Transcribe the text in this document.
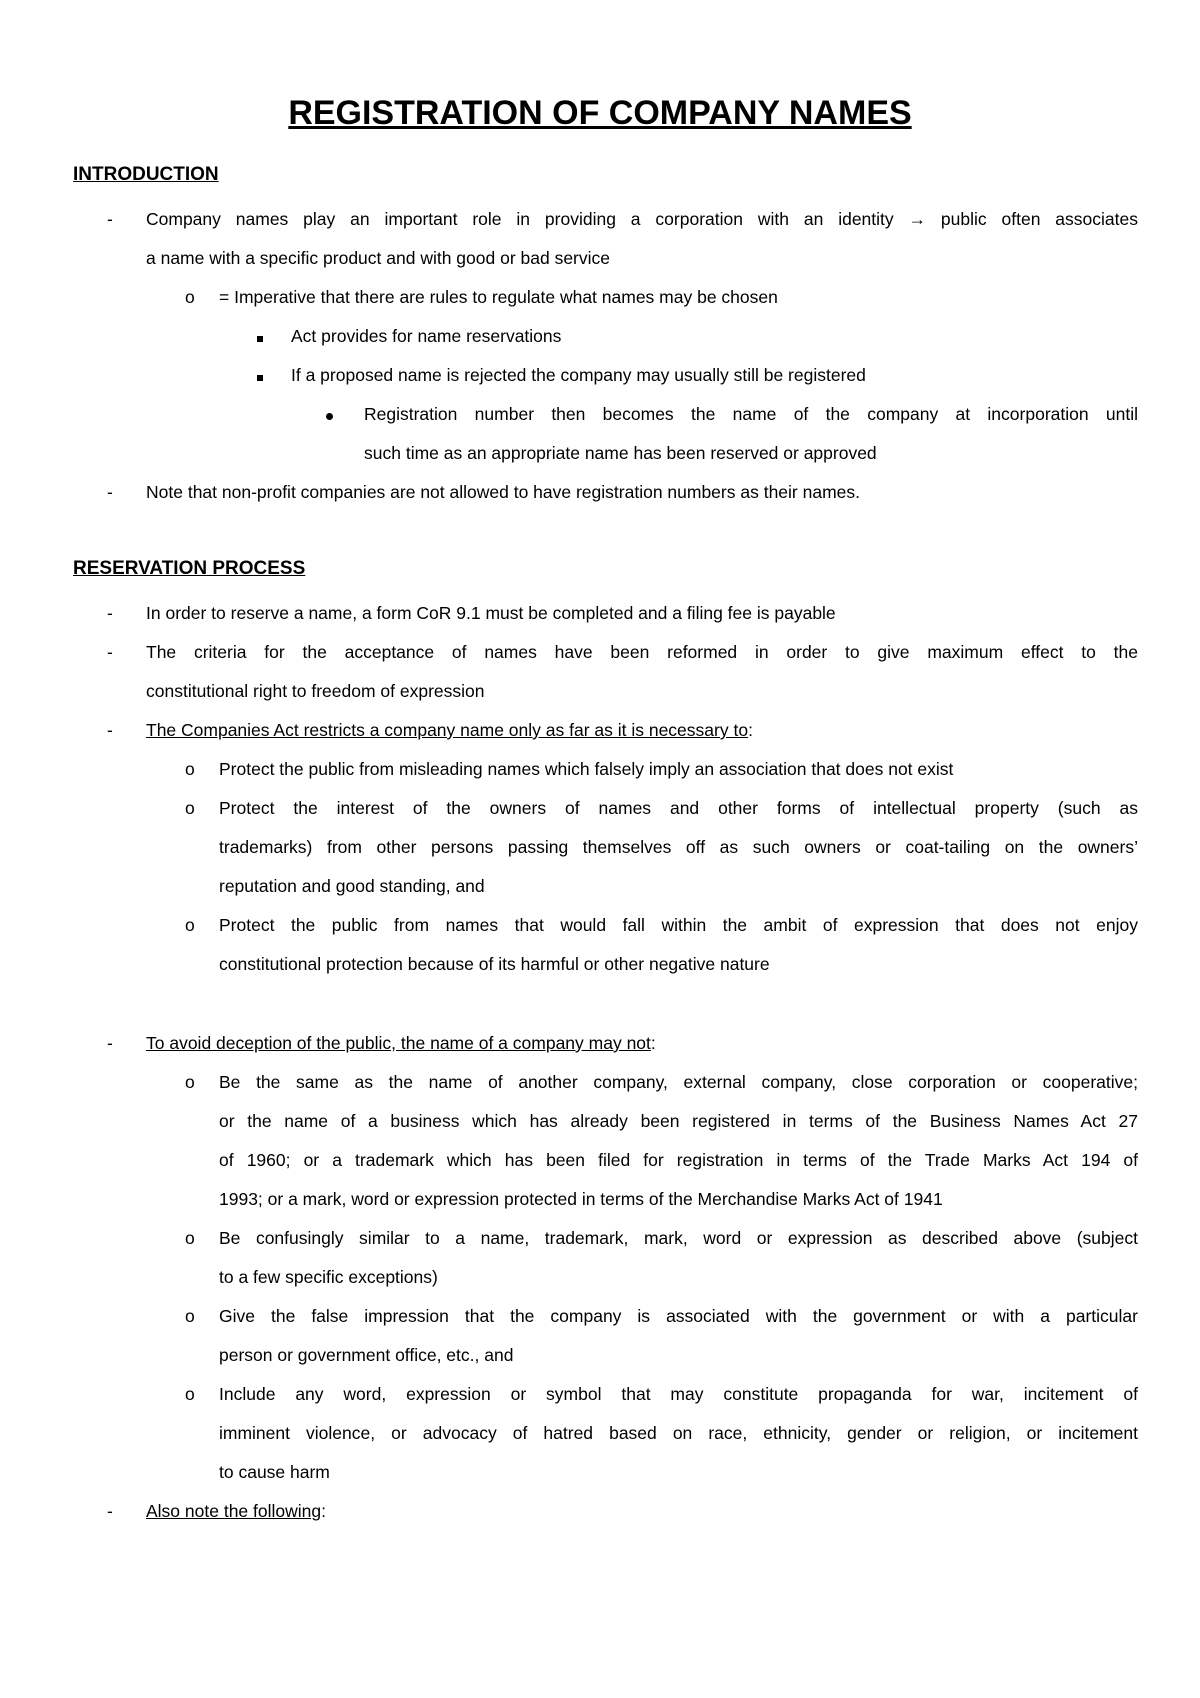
REGISTRATION OF COMPANY NAMES
INTRODUCTION
- Company names play an important role in providing a corporation with an identity → public often associates
a name with a specific product and with good or bad service
o = Imperative that there are rules to regulate what names may be chosen
Act provides for name reservations
If a proposed name is rejected the company may usually still be registered
Registration number then becomes the name of the company at incorporation until
such time as an appropriate name has been reserved or approved
- Note that non-profit companies are not allowed to have registration numbers as their names.
RESERVATION PROCESS
- In order to reserve a name, a form CoR 9.1 must be completed and a filing fee is payable
- The criteria for the acceptance of names have been reformed in order to give maximum effect to the
constitutional right to freedom of expression
- The Companies Act restricts a company name only as far as it is necessary to:
o Protect the public from misleading names which falsely imply an association that does not exist
o Protect the interest of the owners of names and other forms of intellectual property (such as
trademarks) from other persons passing themselves off as such owners or coat-tailing on the owners’
reputation and good standing, and
o Protect the public from names that would fall within the ambit of expression that does not enjoy
constitutional protection because of its harmful or other negative nature
- To avoid deception of the public, the name of a company may not:
o Be the same as the name of another company, external company, close corporation or cooperative;
or the name of a business which has already been registered in terms of the Business Names Act 27
of 1960; or a trademark which has been filed for registration in terms of the Trade Marks Act 194 of
1993; or a mark, word or expression protected in terms of the Merchandise Marks Act of 1941
o Be confusingly similar to a name, trademark, mark, word or expression as described above (subject
to a few specific exceptions)
o Give the false impression that the company is associated with the government or with a particular
person or government office, etc., and
o Include any word, expression or symbol that may constitute propaganda for war, incitement of
imminent violence, or advocacy of hatred based on race, ethnicity, gender or religion, or incitement
to cause harm
- Also note the following:
